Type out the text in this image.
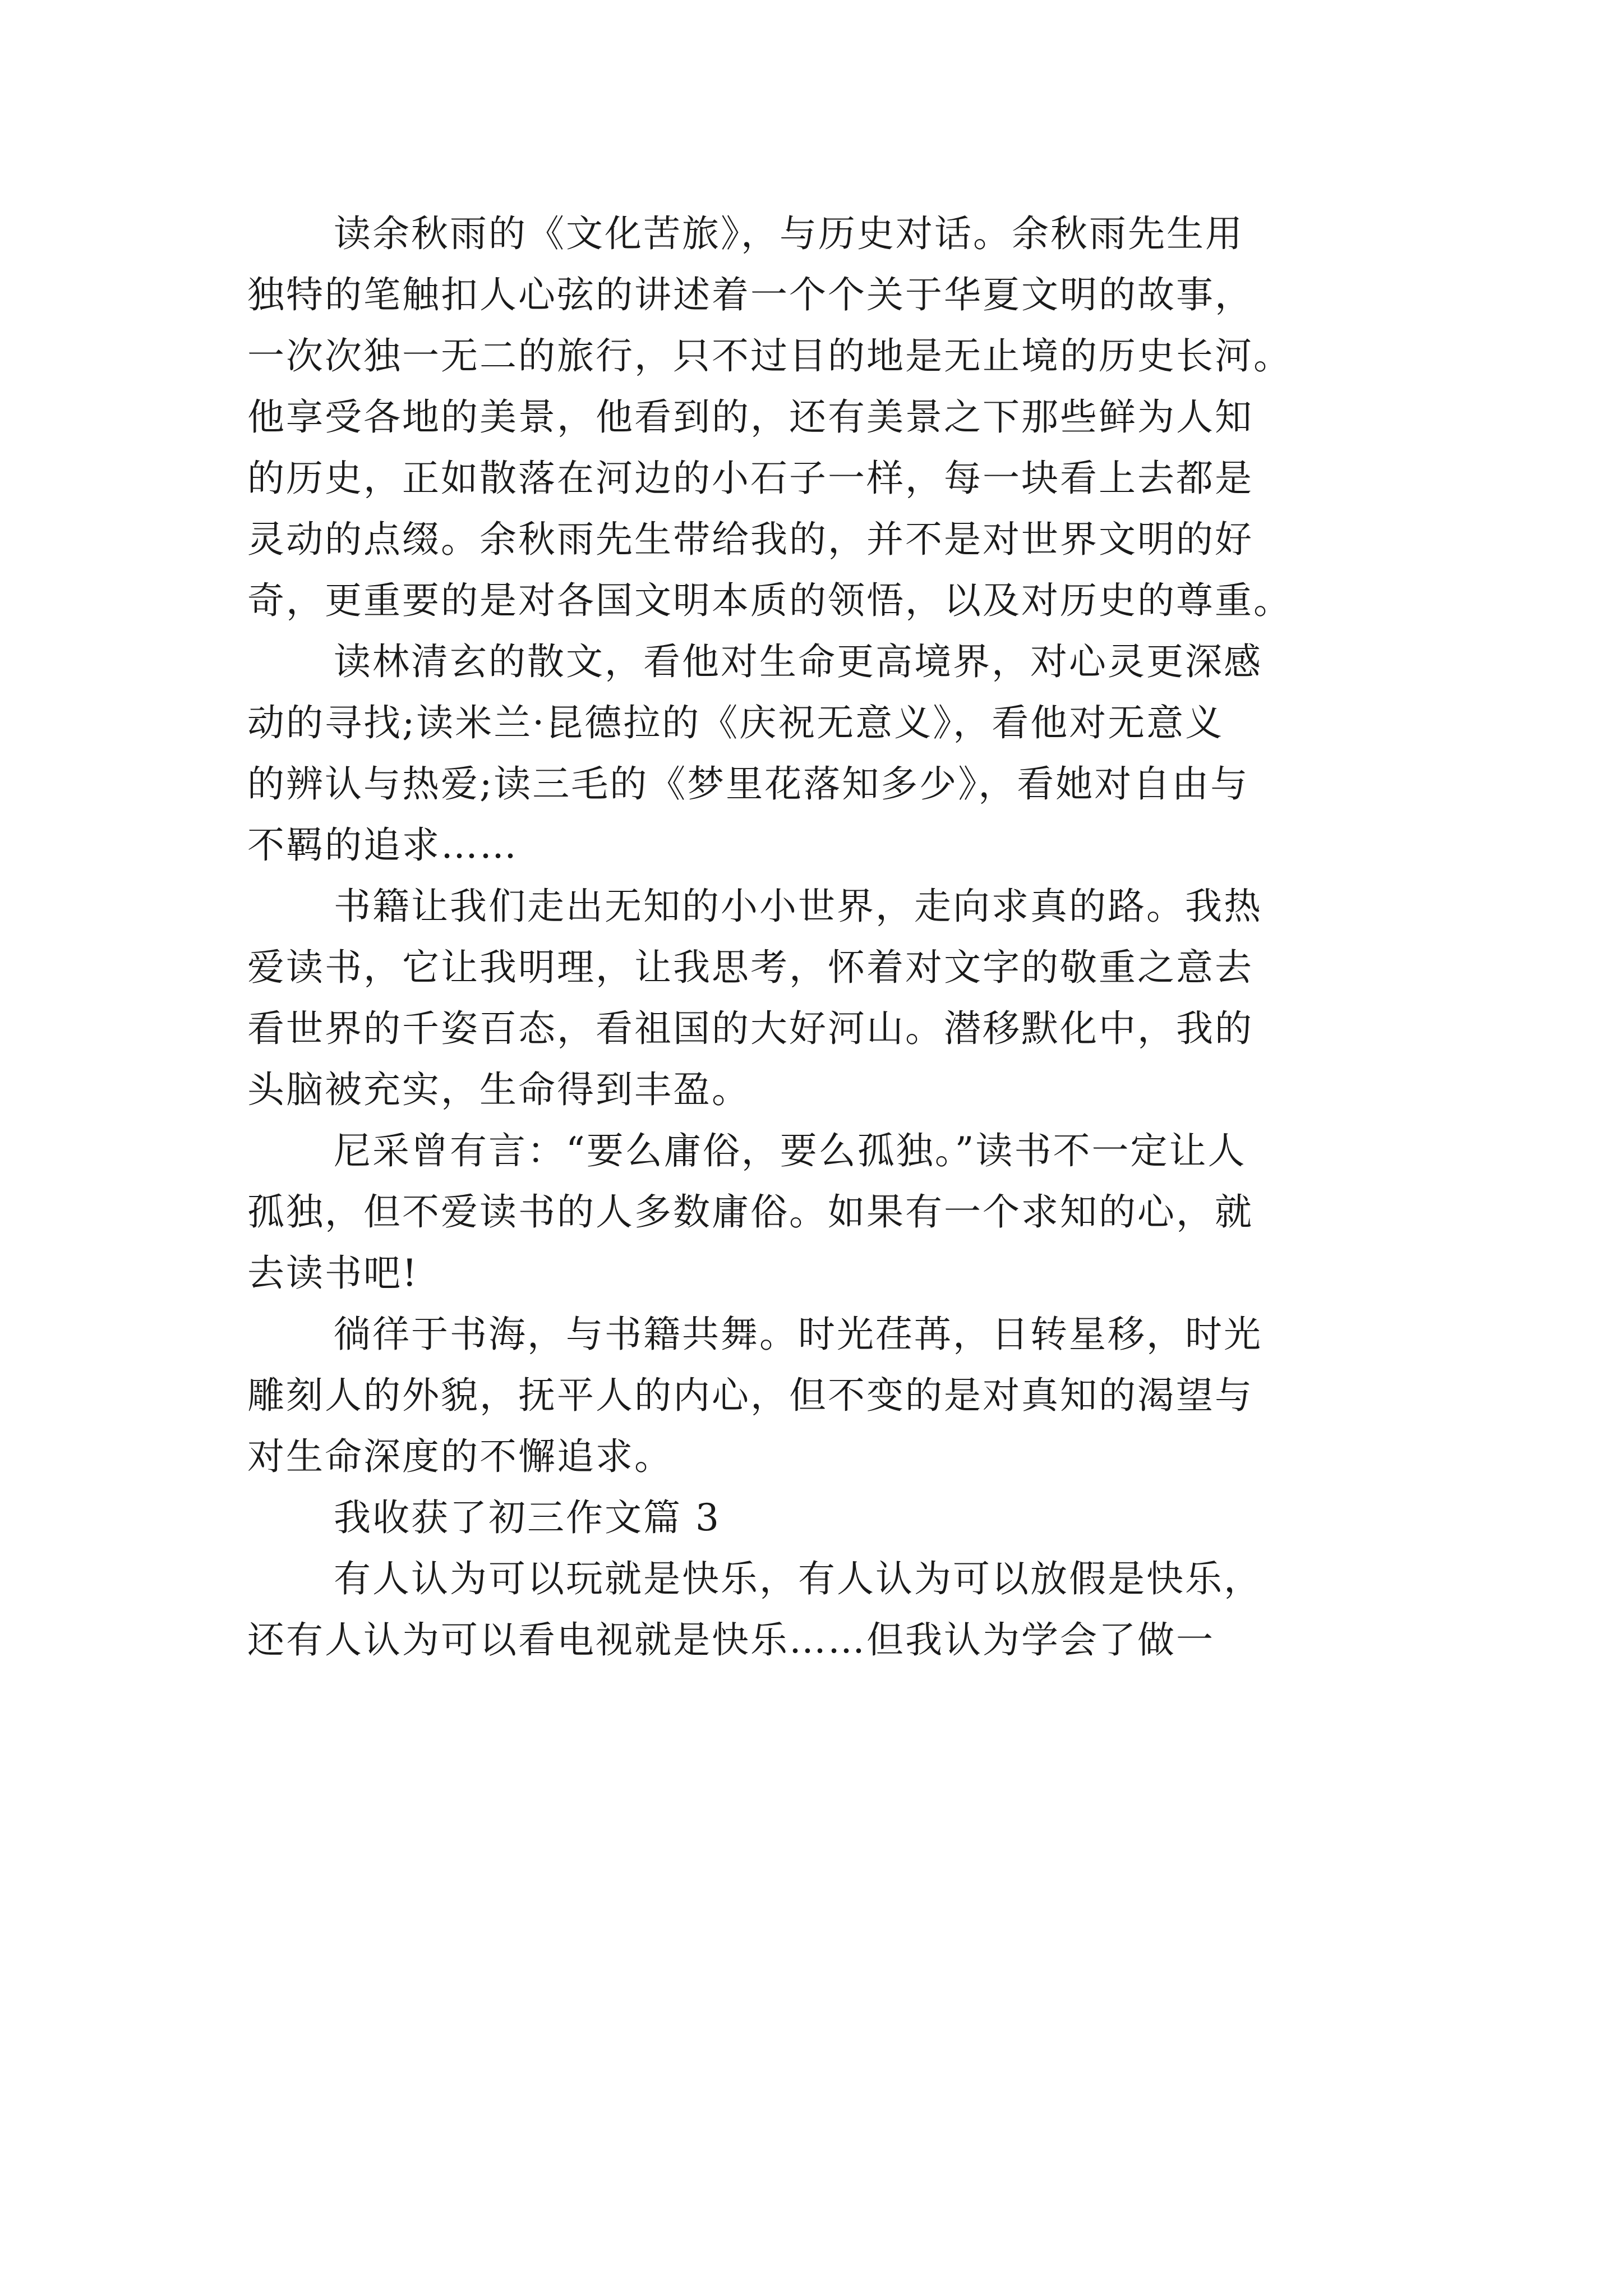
读余秋雨的《文化苦旅》，与历史对话。余秋雨先生用
独特的笔触扣人心弦的讲述着一个个关于华夏文明的故事，
一次次独一无二的旅行，只不过目的地是无止境的历史长河。
他享受各地的美景，他看到的，还有美景之下那些鲜为人知
的历史，正如散落在河边的小石子一样，每一块看上去都是
灵动的点缀。余秋雨先生带给我的，并不是对世界文明的好
奇，更重要的是对各国文明本质的领悟，以及对历史的尊重。
读林清玄的散文，看他对生命更高境界，对心灵更深感
动的寻找;读米兰·昆德拉的《庆祝无意义》，看他对无意义
的辨认与热爱;读三毛的《梦里花落知多少》，看她对自由与
不羁的追求……
书籍让我们走出无知的小小世界，走向求真的路。我热
爱读书，它让我明理，让我思考，怀着对文字的敬重之意去
看世界的千姿百态，看祖国的大好河山。潜移默化中，我的
头脑被充实，生命得到丰盈。
尼采曾有言：“要么庸俗，要么孤独。”读书不一定让人
孤独，但不爱读书的人多数庸俗。如果有一个求知的心，就
去读书吧!
徜徉于书海，与书籍共舞。时光荏苒，日转星移，时光
雕刻人的外貌，抚平人的内心，但不变的是对真知的渴望与
对生命深度的不懈追求。
我收获了初三作文篇 3
有人认为可以玩就是快乐，有人认为可以放假是快乐，
还有人认为可以看电视就是快乐……但我认为学会了做一
